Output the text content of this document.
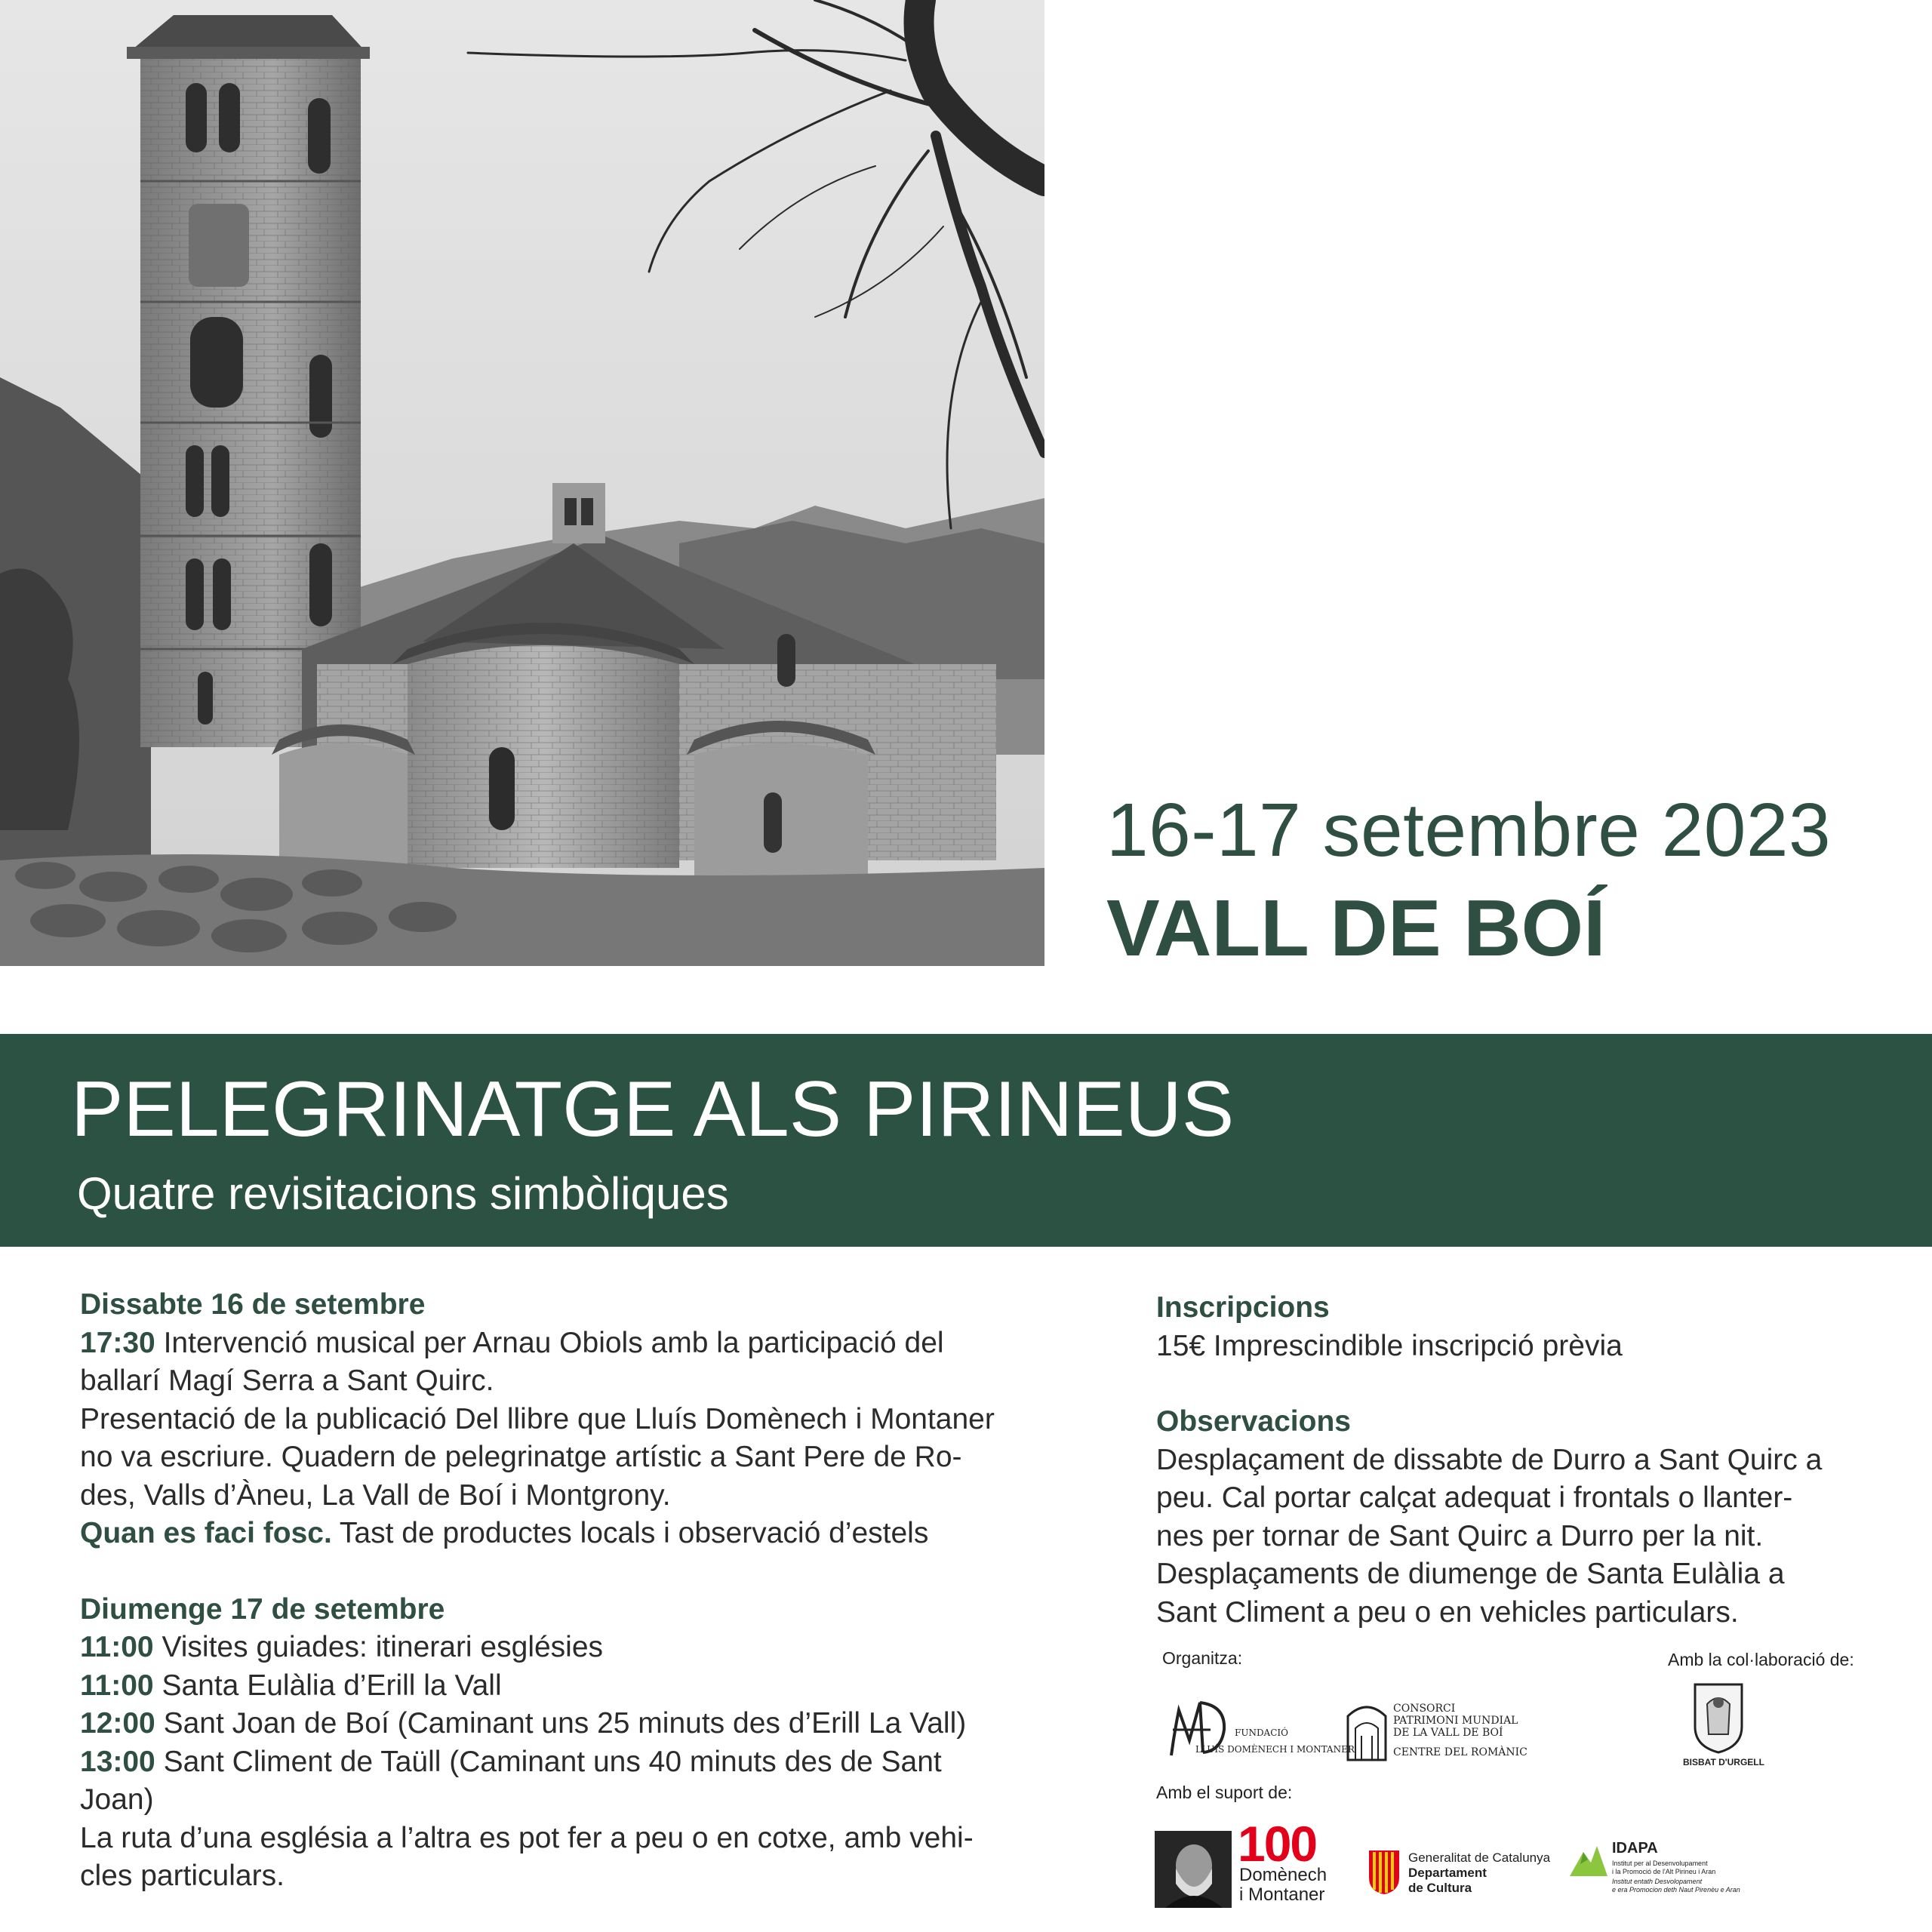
16-17 setembre 2023
VALL DE BOÍ
PELEGRINATGE ALS PIRINEUS
Quatre revisitacions simbòliques
Dissabte 16 de setembre
17:30 Intervenció musical per Arnau Obiols amb la participació del
ballarí Magí Serra a Sant Quirc.
Presentació de la publicació Del llibre que Lluís Domènech i Montaner
no va escriure. Quadern de pelegrinatge artístic a Sant Pere de Ro-
des, Valls d’Àneu, La Vall de Boí i Montgrony.
Quan es faci fosc. Tast de productes locals i observació d’estels
Diumenge 17 de setembre
11:00 Visites guiades: itinerari esglésies
11:00 Santa Eulàlia d’Erill la Vall
12:00 Sant Joan de Boí (Caminant uns 25 minuts des d’Erill La Vall)
13:00 Sant Climent de Taüll (Caminant uns 40 minuts des de Sant
Joan)
La ruta d’una església a l’altra es pot fer a peu o en cotxe, amb vehi-
cles particulars.
Inscripcions
15€ Imprescindible inscripció prèvia
Observacions
Desplaçament de dissabte de Durro a Sant Quirc a
peu. Cal portar calçat adequat i frontals o llanter-
nes per tornar de Sant Quirc a Durro per la nit.
Desplaçaments de diumenge de Santa Eulàlia a
Sant Climent a peu o en vehicles particulars.
Organitza:	Amb la col·laboració de:
Amb el suport de:
FUNDACIÓ
LLUÍS DOMÈNECH I MONTANER
CONSORCI
PATRIMONI MUNDIAL
DE LA VALL DE BOÍ
CENTRE DEL ROMÀNIC
BISBAT D'URGELL
100
Domènech
i Montaner
Generalitat de Catalunya
Departament
de Cultura
IDAPA
Institut per al Desenvolupament
i la Promoció de l'Alt Pirineu i Aran
Institut entath Desvolopament
e era Promocion deth Naut Pirenèu e Aran
